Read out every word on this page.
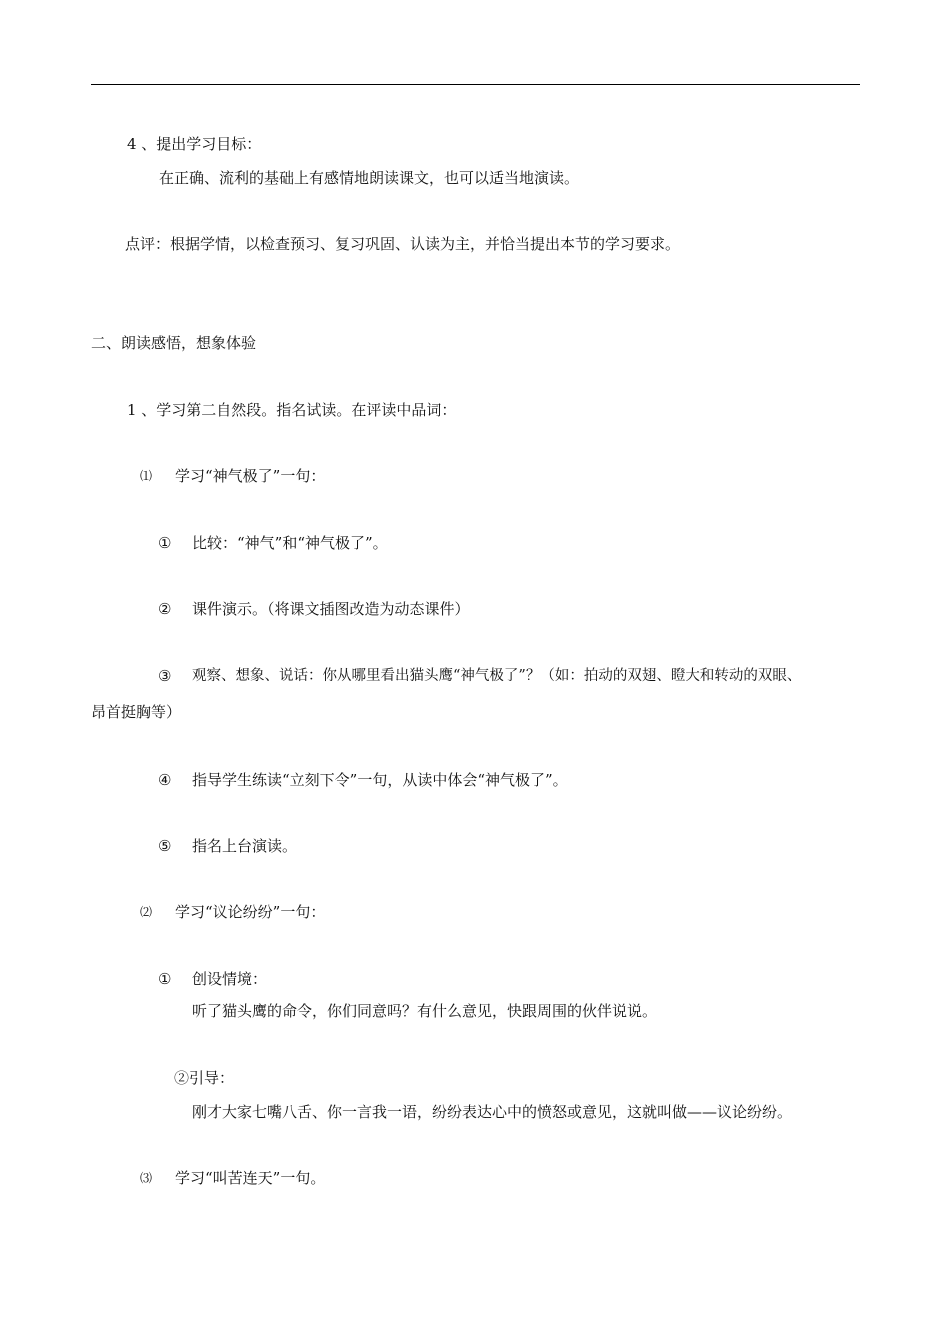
4 、提出学习目标：
在正确、流利的基础上有感情地朗读课文，也可以适当地演读。
点评：根据学情，以检查预习、复习巩固、认读为主，并恰当提出本节的学习要求。
二、朗读感悟，想象体验
1 、学习第二自然段。指名试读。在评读中品词：
⑴ 学习“神气极了”一句：
① 比较：“神气”和“神气极了”。
② 课件演示。（将课文插图改造为动态课件）
③ 观察、想象、说话：你从哪里看出猫头鹰“神气极了”？（如：拍动的双翅、瞪大和转动的双眼、
昂首挺胸等）
④ 指导学生练读“立刻下令”一句，从读中体会“神气极了”。
⑤ 指名上台演读。
⑵ 学习“议论纷纷”一句：
① 创设情境：
听了猫头鹰的命令，你们同意吗？有什么意见，快跟周围的伙伴说说。
②引导：
刚才大家七嘴八舌、你一言我一语，纷纷表达心中的愤怒或意见，这就叫做——议论纷纷。
⑶ 学习“叫苦连天”一句。
